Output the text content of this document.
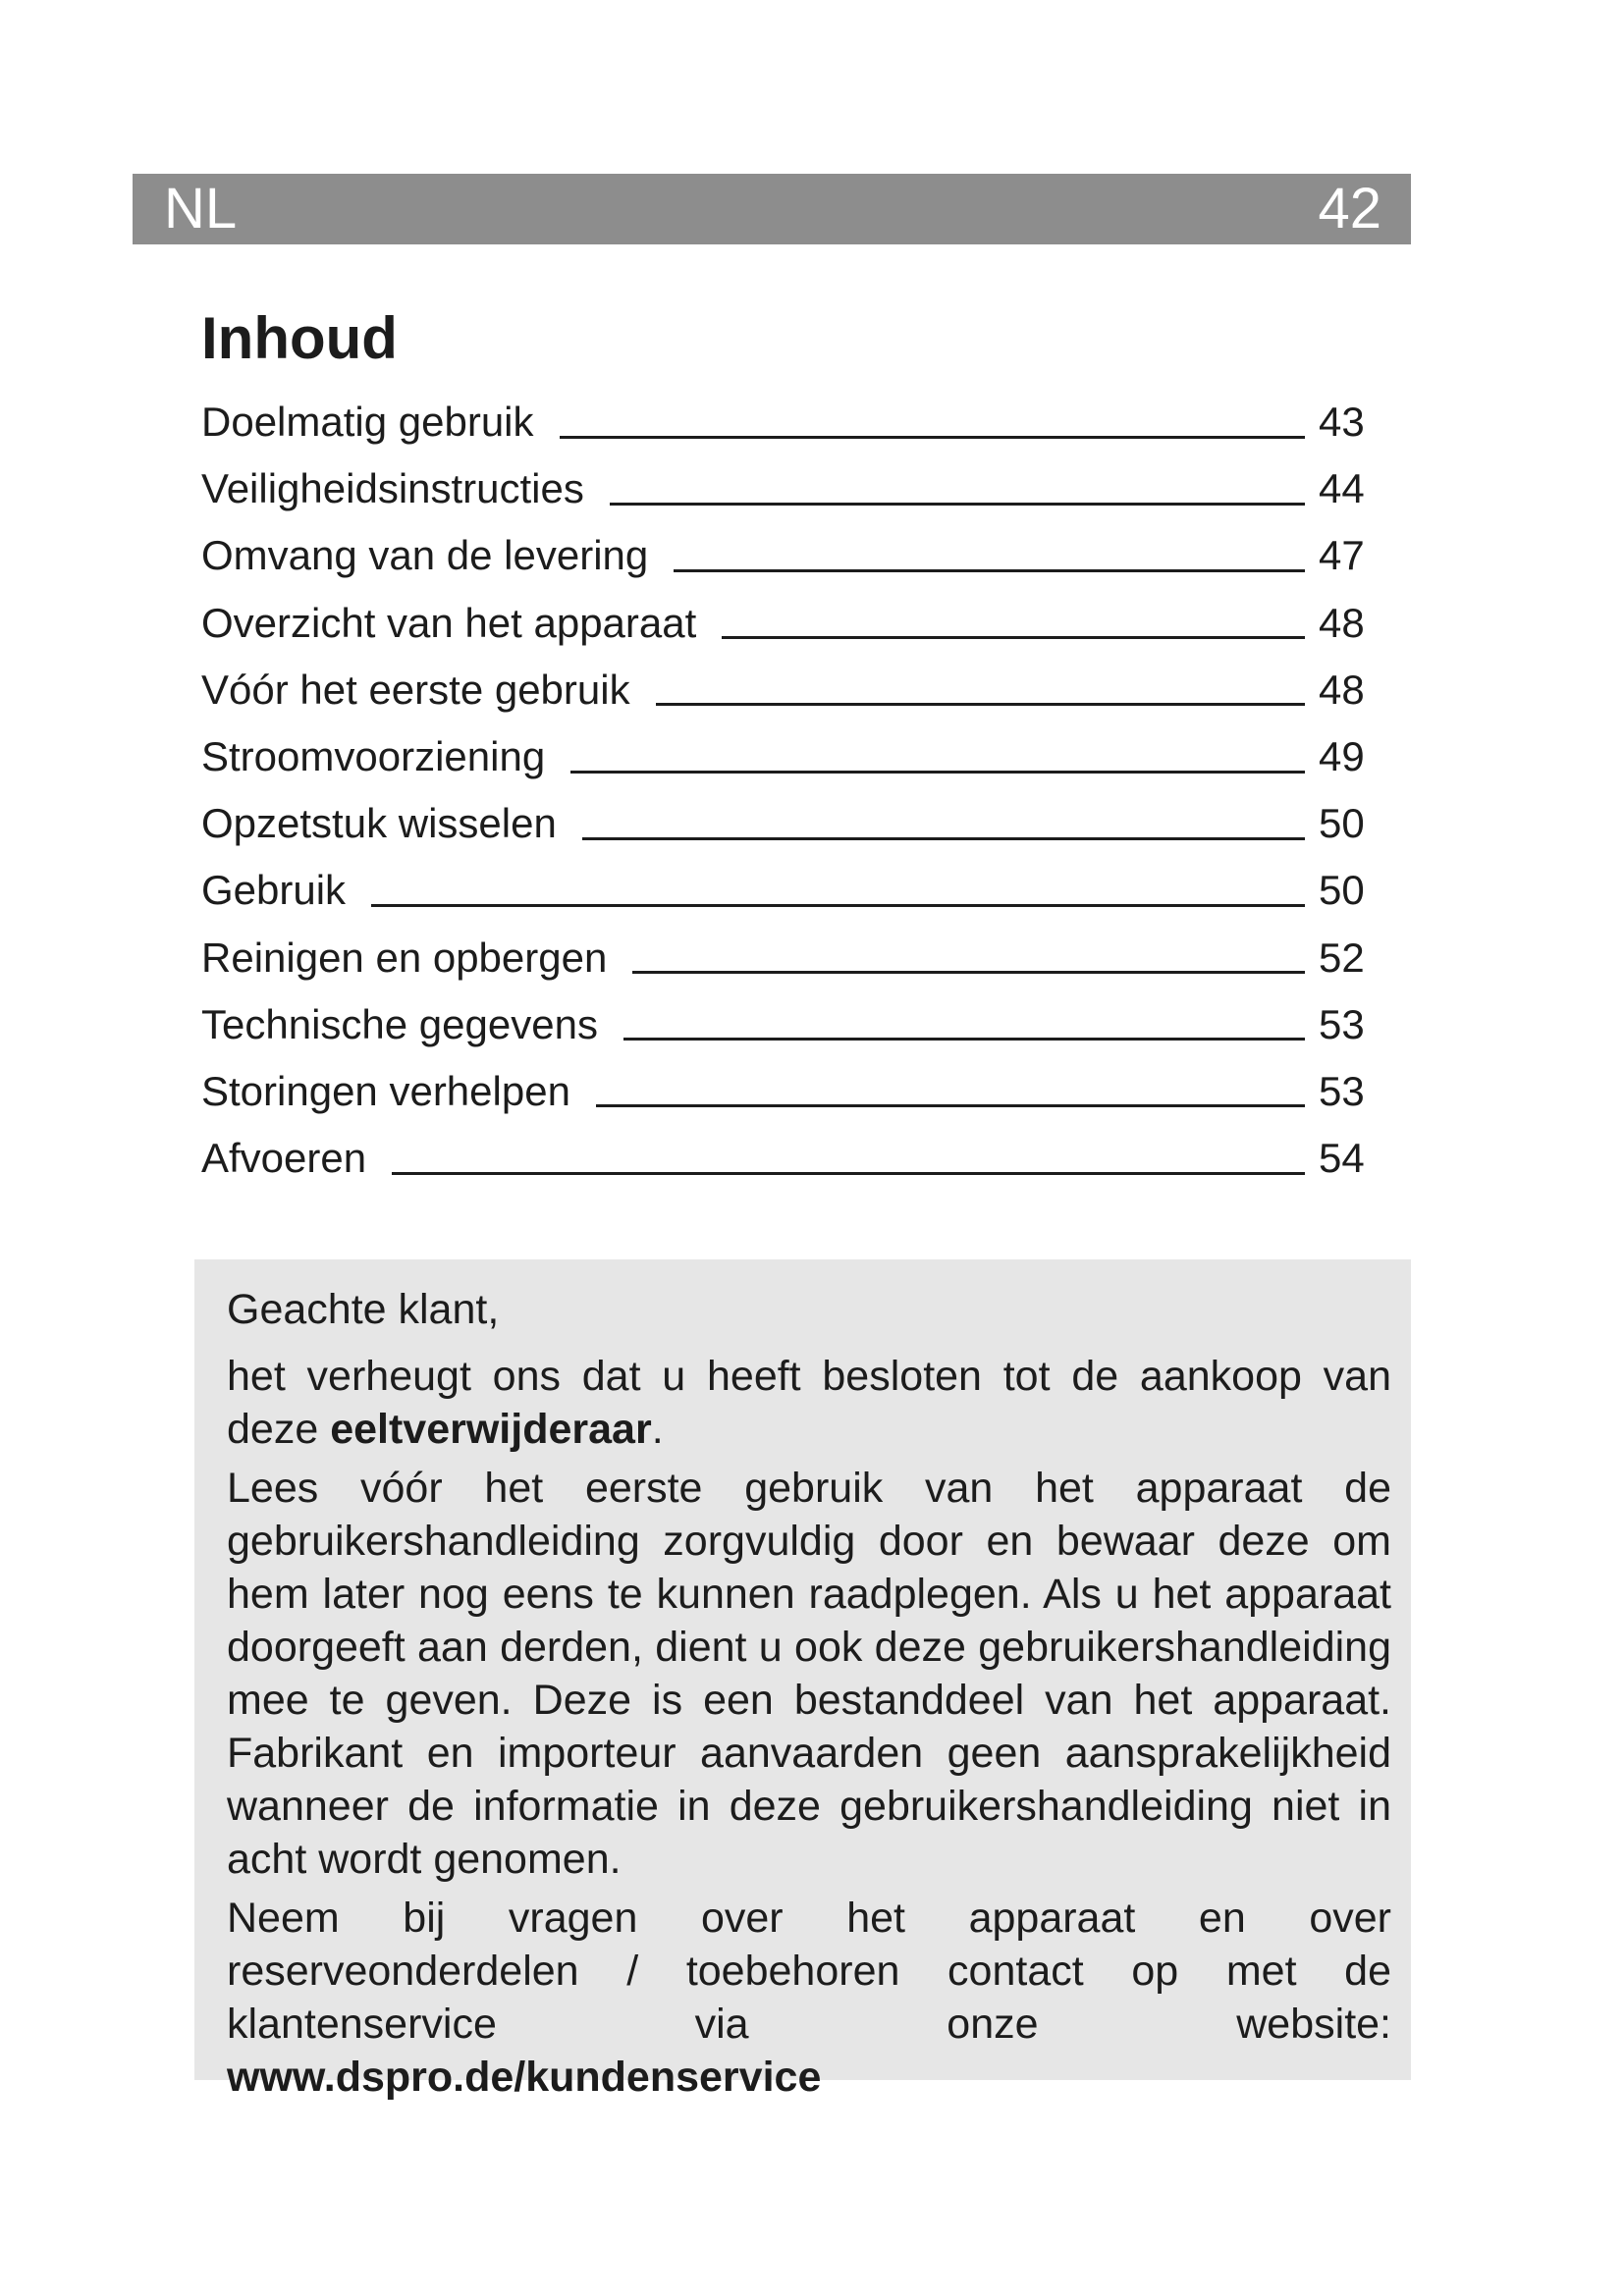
NL	42
Inhoud
Doelmatig gebruik	43
Veiligheidsinstructies	44
Omvang van de levering	47
Overzicht van het apparaat	48
Vóór het eerste gebruik	48
Stroomvoorziening	49
Opzetstuk wisselen	50
Gebruik	50
Reinigen en opbergen	52
Technische gegevens	53
Storingen verhelpen	53
Afvoeren	54

Geachte klant,

het verheugt ons dat u heeft besloten tot de aankoop van deze eeltverwijderaar.

Lees vóór het eerste gebruik van het apparaat de gebruikershandleiding zorgvuldig door en bewaar deze om hem later nog eens te kunnen raadplegen. Als u het apparaat doorgeeft aan derden, dient u ook deze gebruikershandleiding mee te geven. Deze is een bestanddeel van het apparaat. Fabrikant en importeur aanvaarden geen aansprakelijkheid wanneer de informatie in deze gebruikershandleiding niet in acht wordt genomen.

Neem bij vragen over het apparaat en over reserveonderdelen / toebehoren contact op met de klantenservice via onze website: www.dspro.de/kundenservice
